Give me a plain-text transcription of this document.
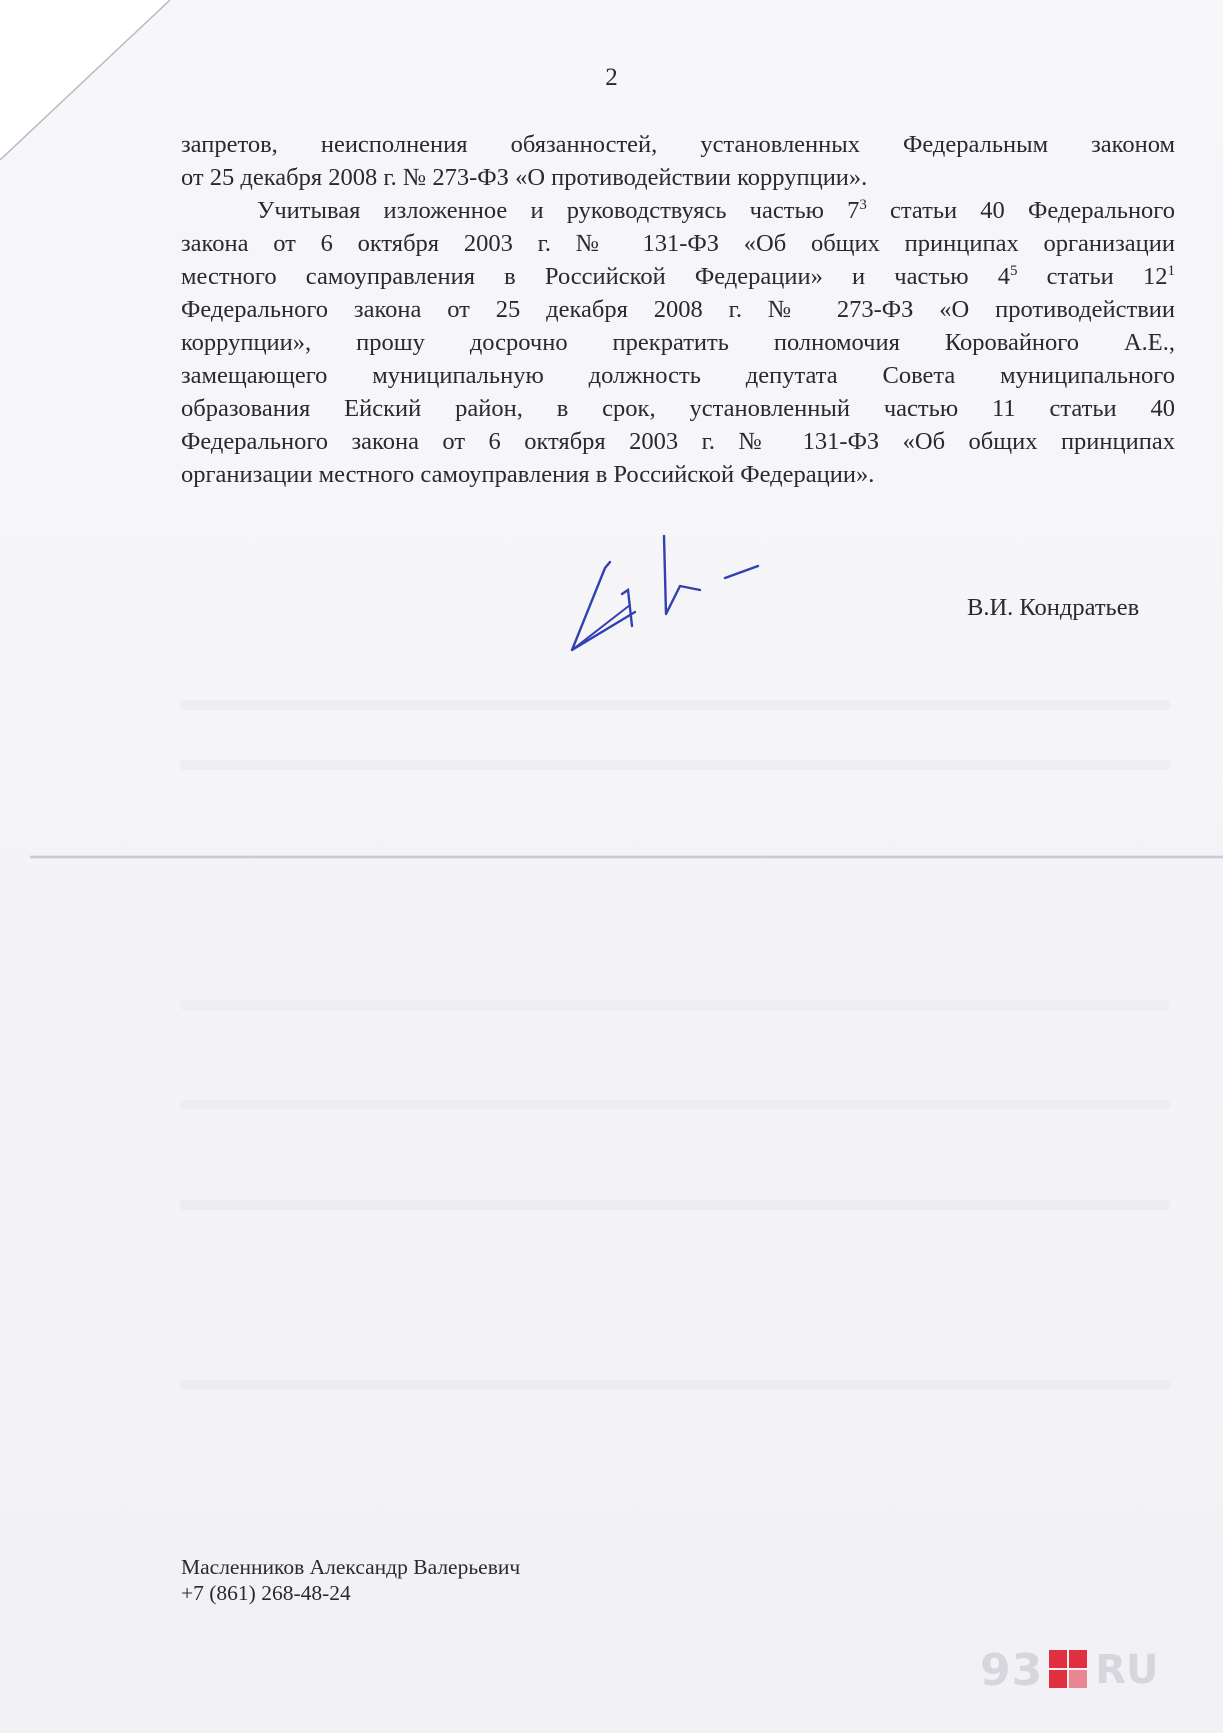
2
запретов, неисполнения обязанностей, установленных Федеральным законом
от 25 декабря 2008 г. № 273-ФЗ «О противодействии коррупции».
Учитывая изложенное и руководствуясь частью $7^3$ статьи 40 Федерального
закона от 6 октября 2003 г. № 131-ФЗ «Об общих принципах организации
местного самоуправления в Российской Федерации» и частью $4^5$ статьи $12^1$
Федерального закона от 25 декабря 2008 г. № 273-ФЗ «О противодействии
коррупции», прошу досрочно прекратить полномочия Коровайного А.Е.,
замещающего муниципальную должность депутата Совета муниципального
образования Ейский район, в срок, установленный частью 11 статьи 40
Федерального закона от 6 октября 2003 г. № 131-ФЗ «Об общих принципах
организации местного самоуправления в Российской Федерации».
В.И. Кондратьев
Масленников Александр Валерьевич
+7 (861) 268-48-24
93 RU
